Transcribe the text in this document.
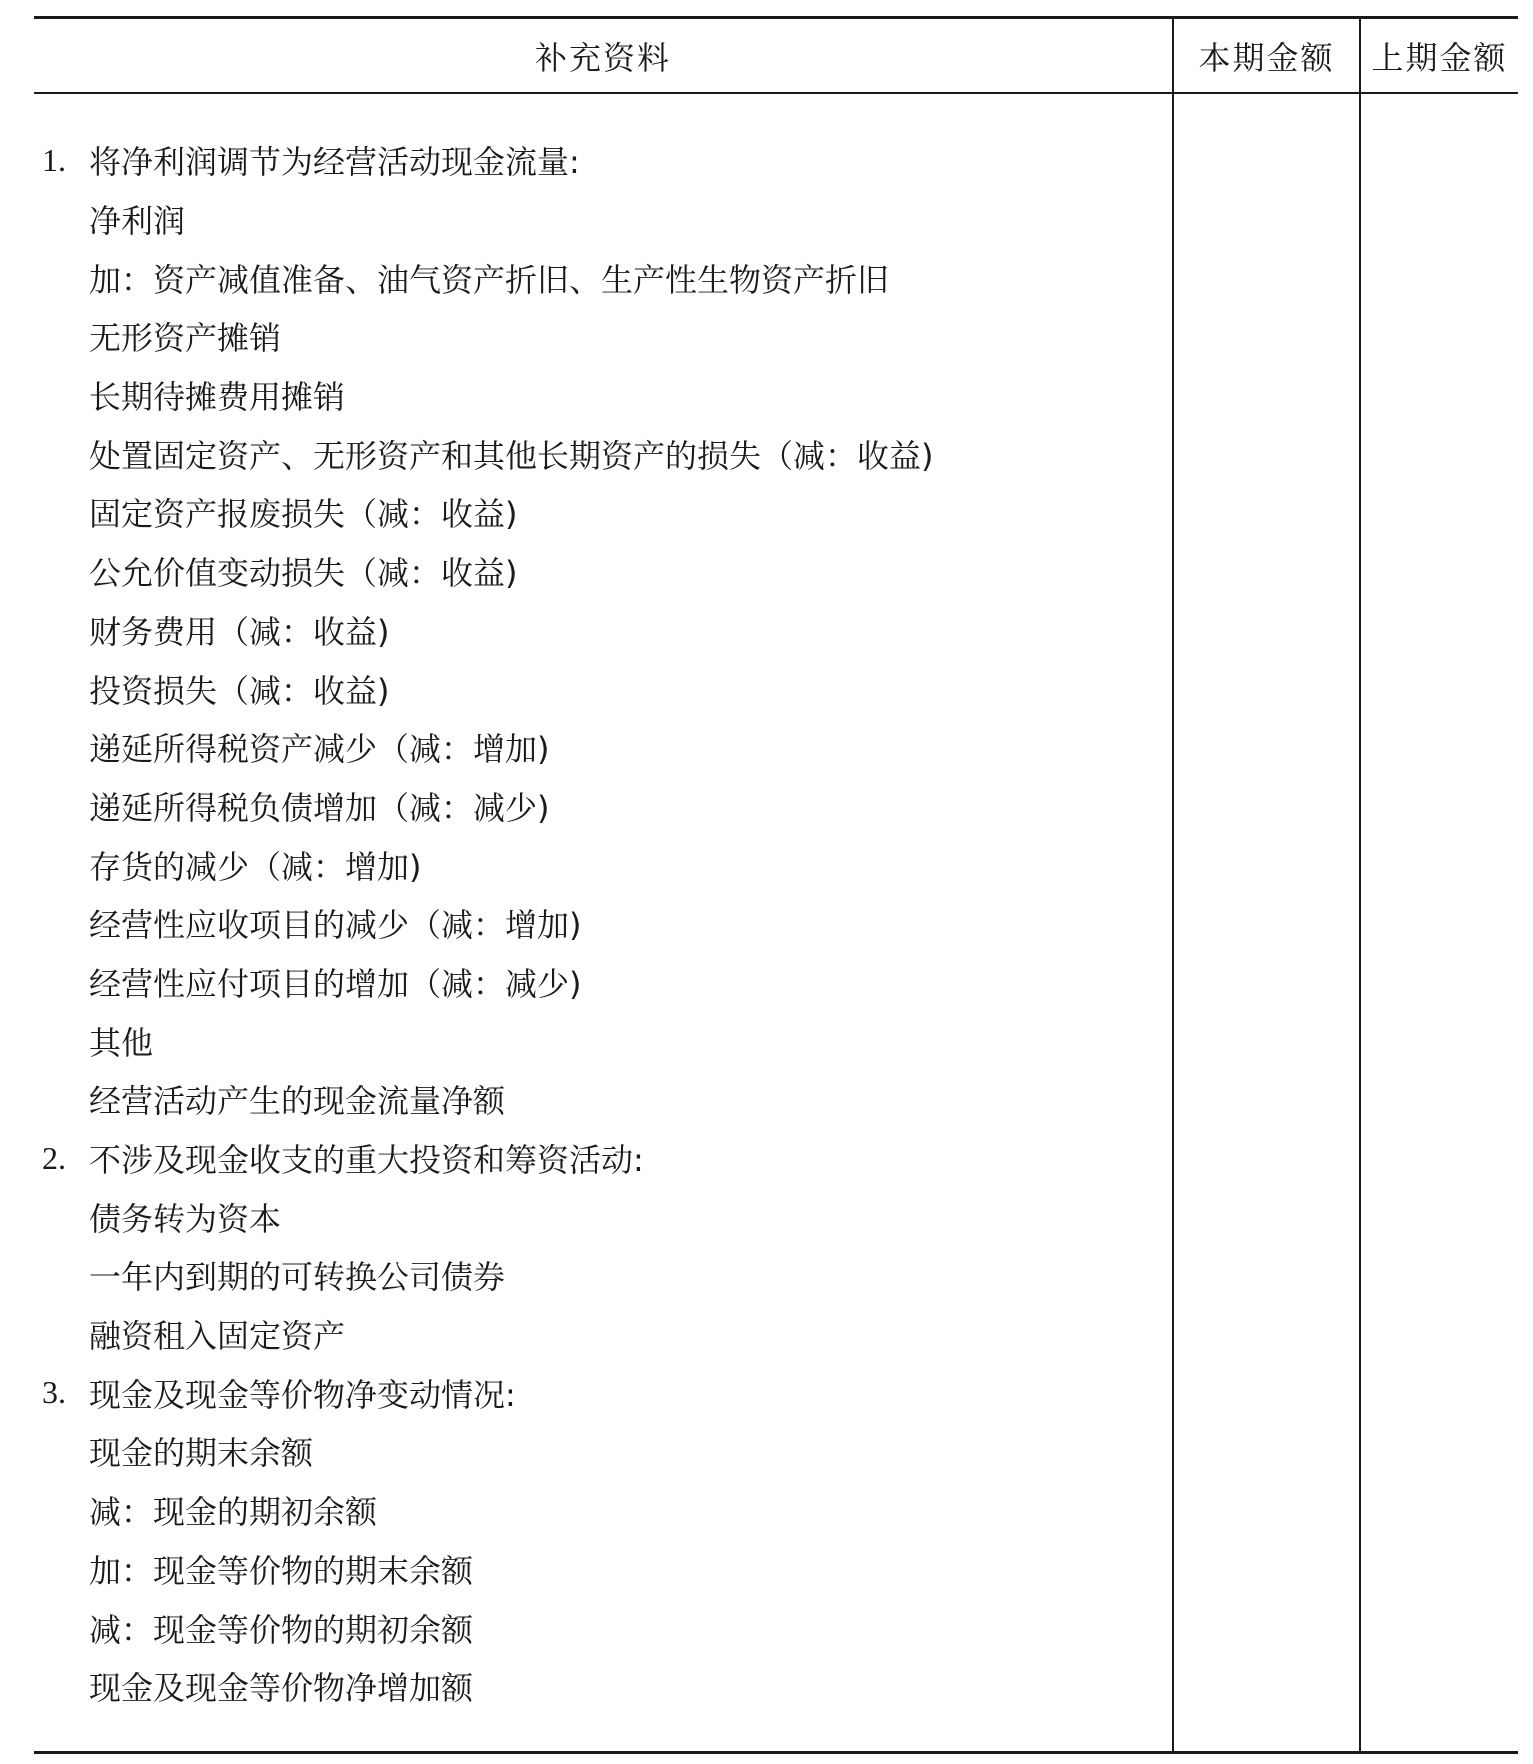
补充资料	本期金额	上期金额
1. 将净利润调节为经营活动现金流量:
净利润
加：资产减值准备、油气资产折旧、生产性生物资产折旧
无形资产摊销
长期待摊费用摊销
处置固定资产、无形资产和其他长期资产的损失（减：收益)
固定资产报废损失（减：收益)
公允价值变动损失（减：收益)
财务费用（减：收益)
投资损失（减：收益)
递延所得税资产减少（减：增加)
递延所得税负债增加（减：减少)
存货的减少（减：增加)
经营性应收项目的减少（减：增加)
经营性应付项目的增加（减：减少)
其他
经营活动产生的现金流量净额
2. 不涉及现金收支的重大投资和筹资活动:
债务转为资本
一年内到期的可转换公司债券
融资租入固定资产
3. 现金及现金等价物净变动情况:
现金的期末余额
减：现金的期初余额
加：现金等价物的期末余额
减：现金等价物的期初余额
现金及现金等价物净增加额
